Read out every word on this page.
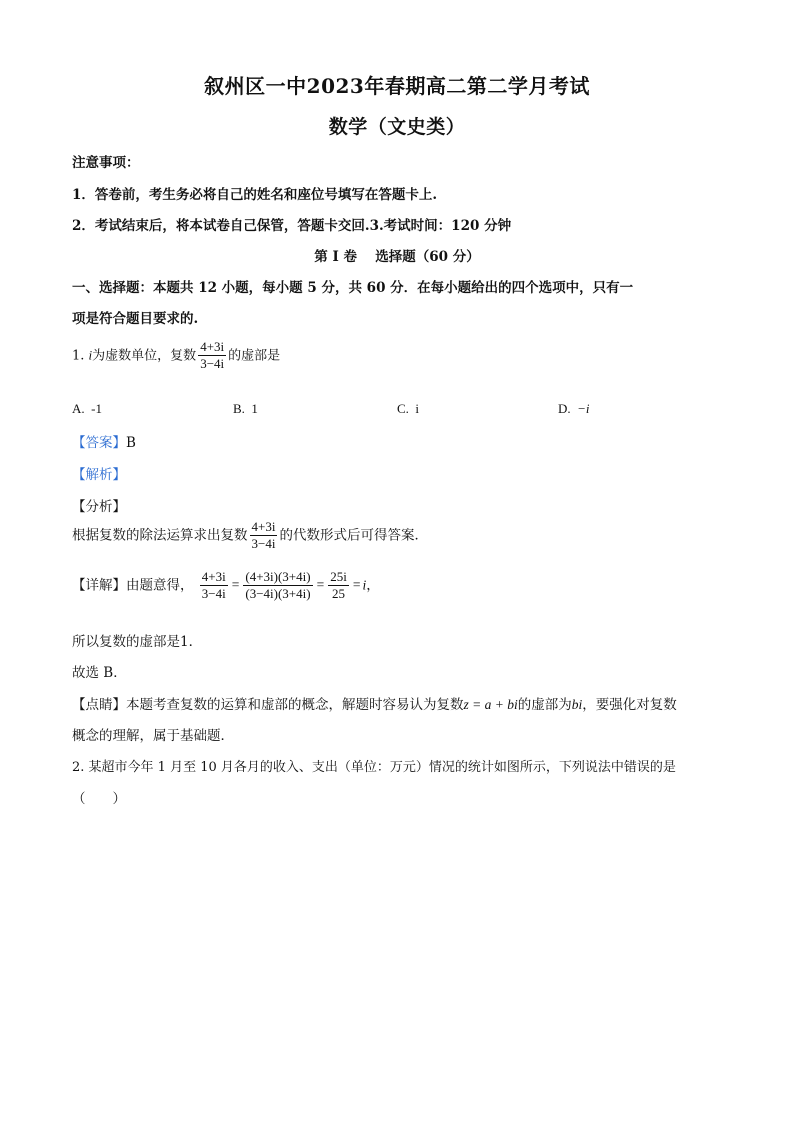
叙州区一中2023年春期高二第二学月考试
数学（文史类）
注意事项：
1．答卷前，考生务必将自己的姓名和座位号填写在答题卡上.
2．考试结束后，将本试卷自己保管，答题卡交回.3.考试时间：120 分钟
第 I 卷　 选择题（60 分）
一、选择题：本题共 12 小题，每小题 5 分，共 60 分．在每小题给出的四个选项中，只有一
项是符合题目要求的.
1. i为虚数单位，复数 $\frac{4+3i}{3-4i}$ 的虚部是
A. -1	B. 1	C. i	D. −i
【答案】B
【解析】
【分析】
根据复数的除法运算求出复数 $\frac{4+3i}{3-4i}$ 的代数形式后可得答案．
【详解】由题意得， $\frac{4+3i}{3-4i} = \frac{(4+3i)(3+4i)}{(3-4i)(3+4i)} = \frac{25i}{25} = i$，
所以复数的虚部是1．
故选 B．
【点睛】本题考查复数的运算和虚部的概念，解题时容易认为复数z = a + bi的虚部为bi，要强化对复数
概念的理解，属于基础题．
2. 某超市今年 1 月至 10 月各月的收入、支出（单位：万元）情况的统计如图所示，下列说法中错误的是
（　　）
